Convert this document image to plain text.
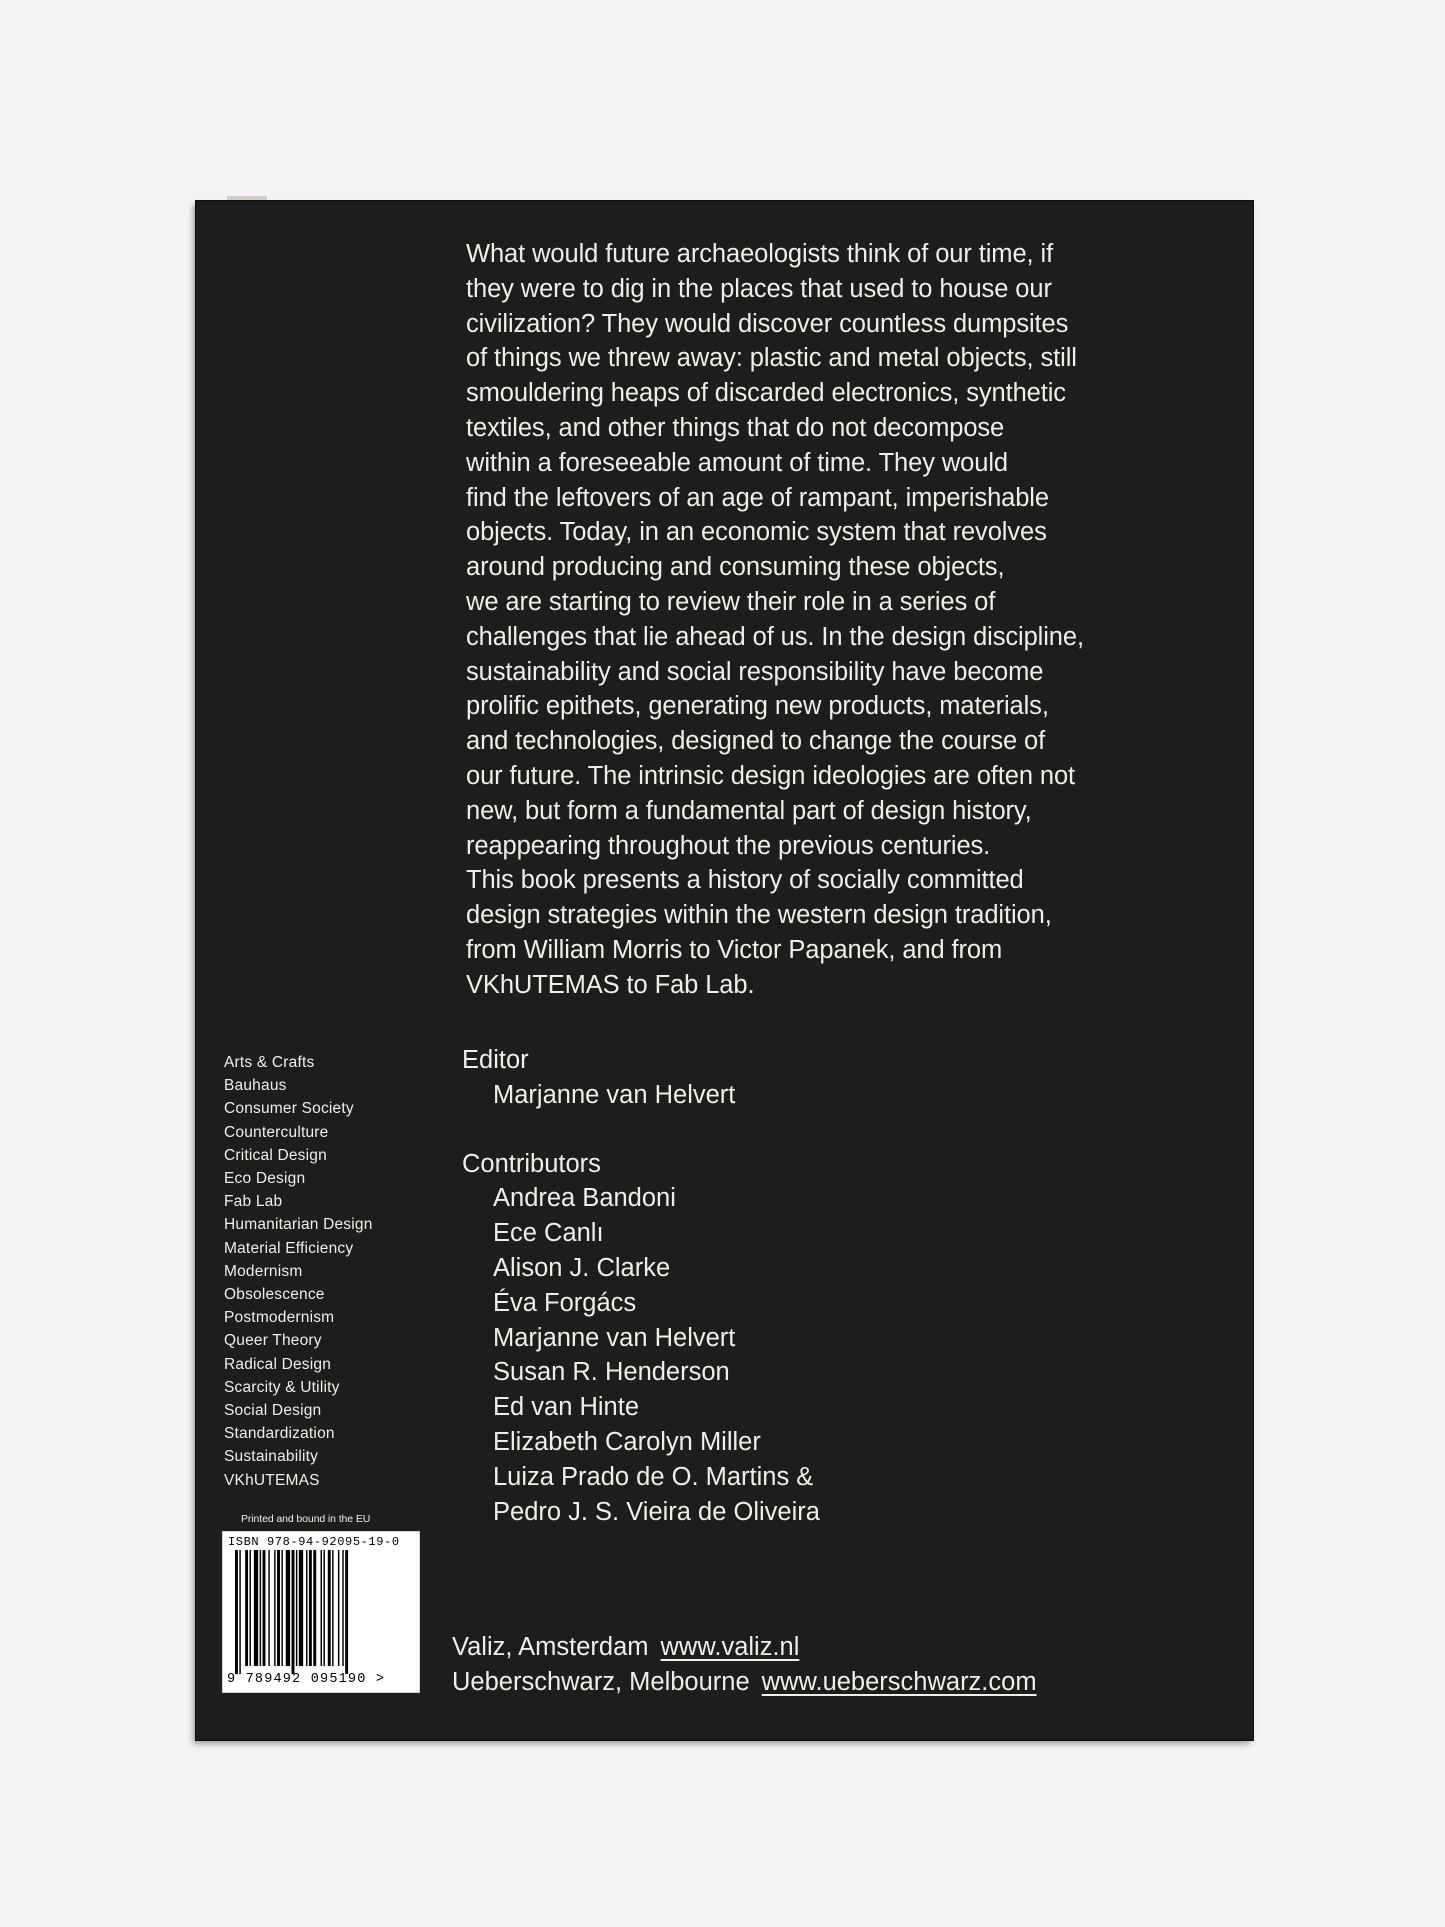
What would future archaeologists think of our time, if
they were to dig in the places that used to house our
civilization? They would discover countless dumpsites
of things we threw away: plastic and metal objects, still
smouldering heaps of discarded electronics, synthetic
textiles, and other things that do not decompose
within a foreseeable amount of time. They would
find the leftovers of an age of rampant, imperishable
objects. Today, in an economic system that revolves
around producing and consuming these objects,
we are starting to review their role in a series of
challenges that lie ahead of us. In the design discipline,
sustainability and social responsibility have become
prolific epithets, generating new products, materials,
and technologies, designed to change the course of
our future. The intrinsic design ideologies are often not
new, but form a fundamental part of design history,
reappearing throughout the previous centuries.
This book presents a history of socially committed
design strategies within the western design tradition,
from William Morris to Victor Papanek, and from
VKhUTEMAS to Fab Lab.

Editor

Marjanne van Helvert

Contributors

Andrea Bandoni

Ece Canlı

Alison J. Clarke

Éva Forgács

Marjanne van Helvert

Susan R. Henderson

Ed van Hinte

Elizabeth Carolyn Miller

Luiza Prado de O. Martins &

Pedro J. S. Vieira de Oliveira

Arts & Crafts
Bauhaus
Consumer Society
Counterculture
Critical Design
Eco Design
Fab Lab
Humanitarian Design
Material Efficiency
Modernism
Obsolescence
Postmodernism
Queer Theory
Radical Design
Scarcity & Utility
Social Design
Standardization
Sustainability
VKhUTEMAS
Printed and bound in the EU
ISBN 978-94-92095-19-0
9 789492 095190 >

Valiz, Amsterdam www.valiz.nl

Ueberschwarz, Melbourne www.ueberschwarz.com
